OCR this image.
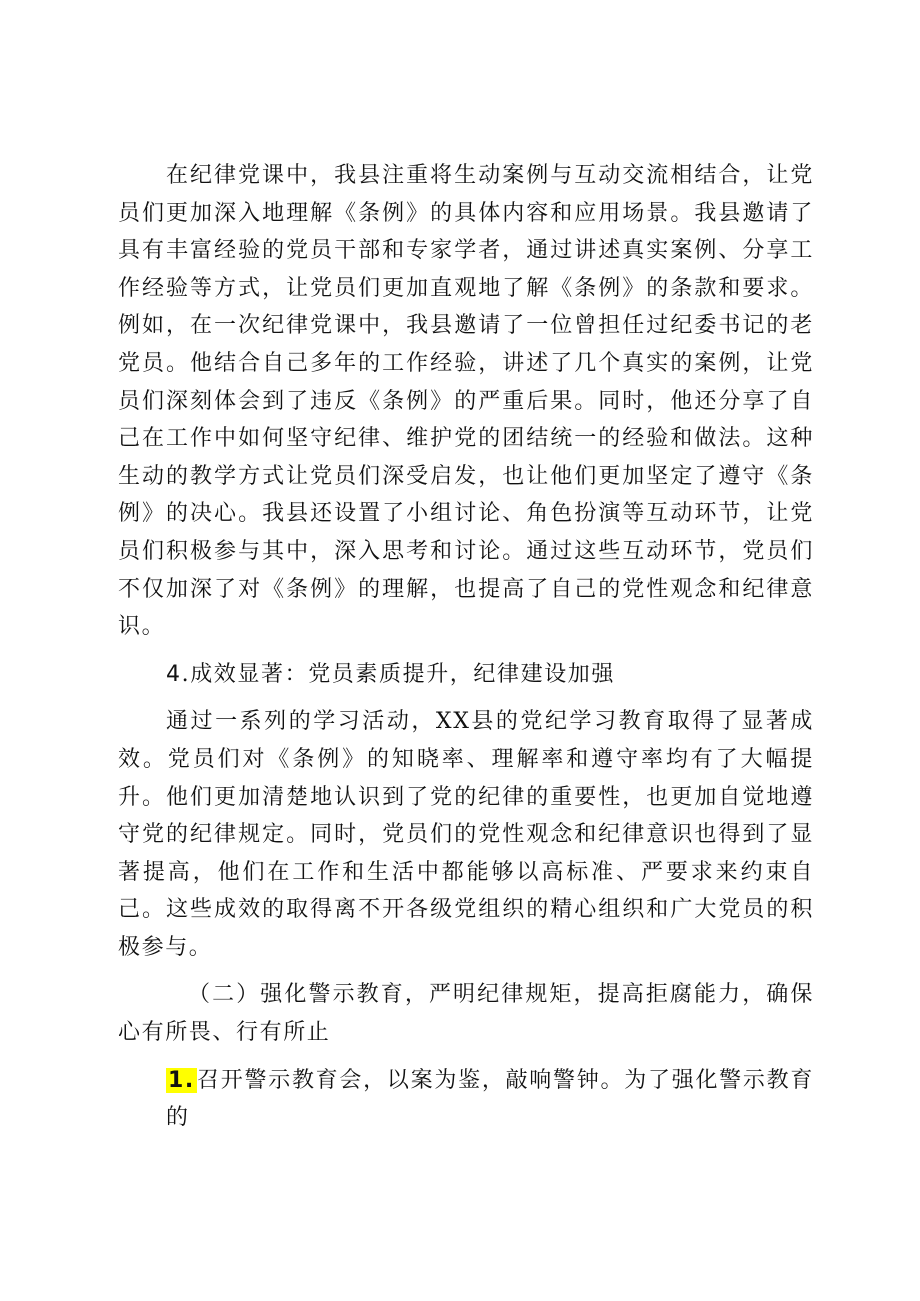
在纪律党课中，我县注重将生动案例与互动交流相结合，让党员们更加深入地理解《条例》的具体内容和应用场景。我县邀请了具有丰富经验的党员干部和专家学者，通过讲述真实案例、分享工作经验等方式，让党员们更加直观地了解《条例》的条款和要求。例如，在一次纪律党课中，我县邀请了一位曾担任过纪委书记的老党员。他结合自己多年的工作经验，讲述了几个真实的案例，让党员们深刻体会到了违反《条例》的严重后果。同时，他还分享了自己在工作中如何坚守纪律、维护党的团结统一的经验和做法。这种生动的教学方式让党员们深受启发，也让他们更加坚定了遵守《条例》的决心。我县还设置了小组讨论、角色扮演等互动环节，让党员们积极参与其中，深入思考和讨论。通过这些互动环节，党员们不仅加深了对《条例》的理解，也提高了自己的党性观念和纪律意识。

4.成效显著：党员素质提升，纪律建设加强

通过一系列的学习活动，XX县的党纪学习教育取得了显著成效。党员们对《条例》的知晓率、理解率和遵守率均有了大幅提升。他们更加清楚地认识到了党的纪律的重要性，也更加自觉地遵守党的纪律规定。同时，党员们的党性观念和纪律意识也得到了显著提高，他们在工作和生活中都能够以高标准、严要求来约束自己。这些成效的取得离不开各级党组织的精心组织和广大党员的积极参与。

（二）强化警示教育，严明纪律规矩，提高拒腐能力，确保心有所畏、行有所止

1.召开警示教育会，以案为鉴，敲响警钟。为了强化警示教育的
